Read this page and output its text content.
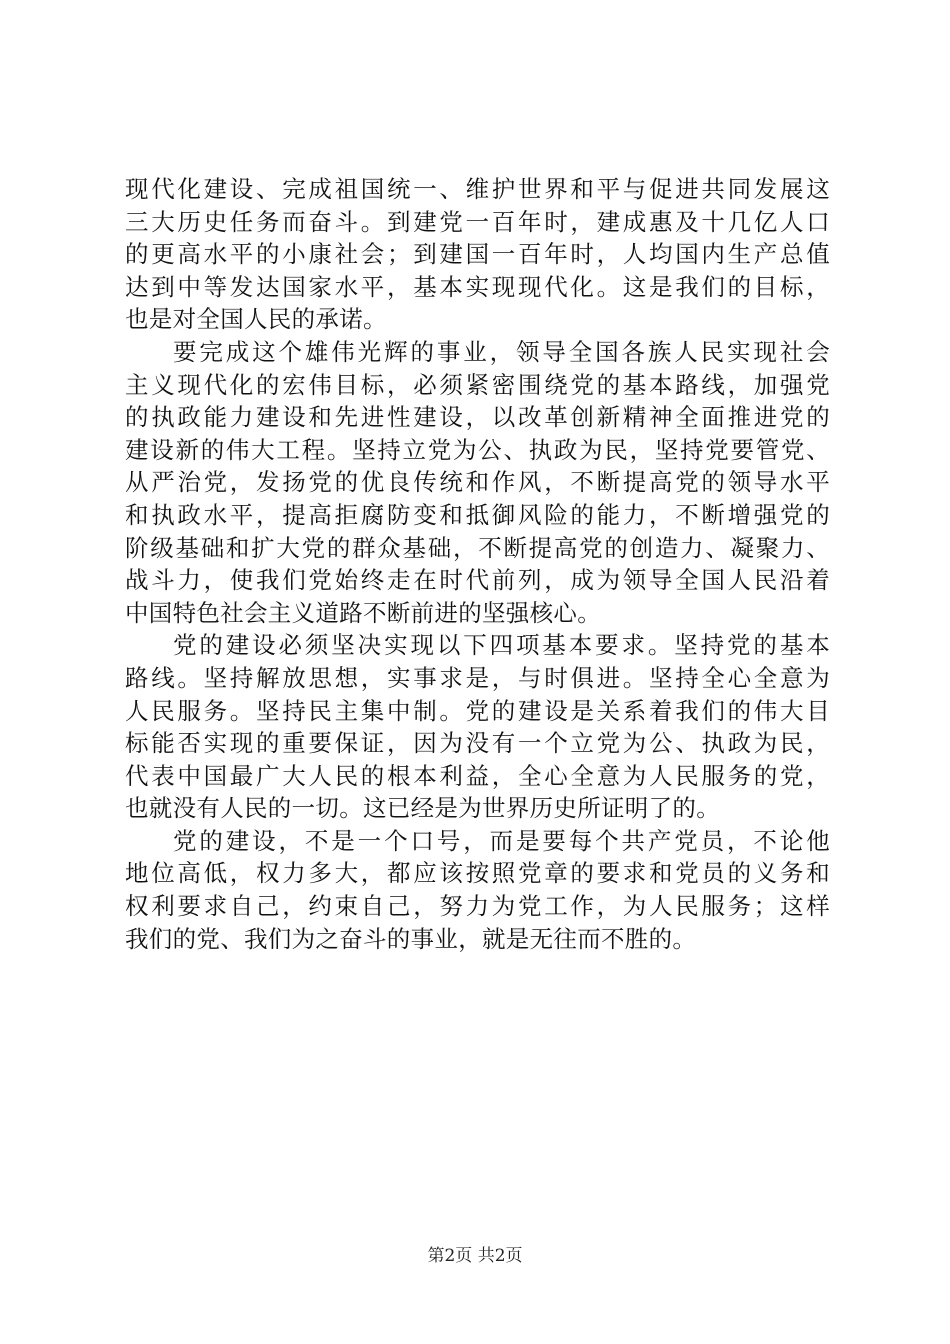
现代化建设、完成祖国统一、维护世界和平与促进共同发展这
三大历史任务而奋斗。到建党一百年时，建成惠及十几亿人口
的更高水平的小康社会；到建国一百年时，人均国内生产总值
达到中等发达国家水平，基本实现现代化。这是我们的目标，
也是对全国人民的承诺。
要完成这个雄伟光辉的事业，领导全国各族人民实现社会
主义现代化的宏伟目标，必须紧密围绕党的基本路线，加强党
的执政能力建设和先进性建设，以改革创新精神全面推进党的
建设新的伟大工程。坚持立党为公、执政为民，坚持党要管党、
从严治党，发扬党的优良传统和作风，不断提高党的领导水平
和执政水平，提高拒腐防变和抵御风险的能力，不断增强党的
阶级基础和扩大党的群众基础，不断提高党的创造力、凝聚力、
战斗力，使我们党始终走在时代前列，成为领导全国人民沿着
中国特色社会主义道路不断前进的坚强核心。
党的建设必须坚决实现以下四项基本要求。坚持党的基本
路线。坚持解放思想，实事求是，与时俱进。坚持全心全意为
人民服务。坚持民主集中制。党的建设是关系着我们的伟大目
标能否实现的重要保证，因为没有一个立党为公、执政为民，
代表中国最广大人民的根本利益，全心全意为人民服务的党，
也就没有人民的一切。这已经是为世界历史所证明了的。
党的建设，不是一个口号，而是要每个共产党员，不论他
地位高低，权力多大，都应该按照党章的要求和党员的义务和
权利要求自己，约束自己，努力为党工作，为人民服务；这样
我们的党、我们为之奋斗的事业，就是无往而不胜的。
第2页 共2页
